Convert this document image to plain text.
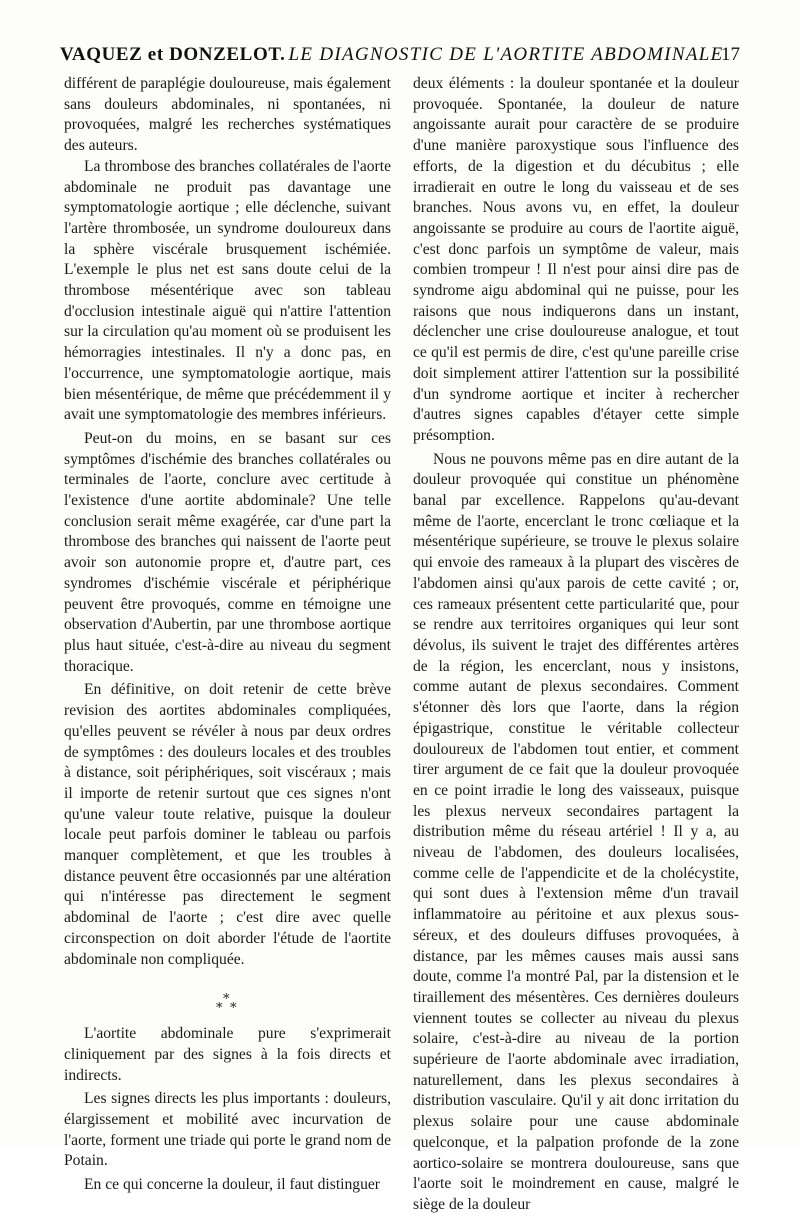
VAQUEZ et DONZELOT. LE DIAGNOSTIC DE L'AORTITE ABDOMINALE
17

différent de paraplégie douloureuse, mais également sans douleurs abdominales, ni spontanées, ni provoquées, malgré les recherches systématiques des auteurs.

La thrombose des branches collatérales de l'aorte abdominale ne produit pas davantage une symptomatologie aortique ; elle déclenche, suivant l'artère thrombosée, un syndrome douloureux dans la sphère viscérale brusquement ischémiée. L'exemple le plus net est sans doute celui de la thrombose mésentérique avec son tableau d'occlusion intestinale aiguë qui n'attire l'attention sur la circulation qu'au moment où se produisent les hémorragies intestinales. Il n'y a donc pas, en l'occurrence, une symptomatologie aortique, mais bien mésentérique, de même que précédemment il y avait une symptomatologie des membres inférieurs.

Peut-on du moins, en se basant sur ces symptômes d'ischémie des branches collatérales ou terminales de l'aorte, conclure avec certitude à l'existence d'une aortite abdominale? Une telle conclusion serait même exagérée, car d'une part la thrombose des branches qui naissent de l'aorte peut avoir son autonomie propre et, d'autre part, ces syndromes d'ischémie viscérale et périphérique peuvent être provoqués, comme en témoigne une observation d'Aubertin, par une thrombose aortique plus haut située, c'est-à-dire au niveau du segment thoracique.

En définitive, on doit retenir de cette brève revision des aortites abdominales compliquées, qu'elles peuvent se révéler à nous par deux ordres de symptômes : des douleurs locales et des troubles à distance, soit périphériques, soit viscéraux ; mais il importe de retenir surtout que ces signes n'ont qu'une valeur toute relative, puisque la douleur locale peut parfois dominer le tableau ou parfois manquer complètement, et que les troubles à distance peuvent être occasionnés par une altération qui n'intéresse pas directement le segment abdominal de l'aorte ; c'est dire avec quelle circonspection on doit aborder l'étude de l'aortite abdominale non compliquée.

*
* *

L'aortite abdominale pure s'exprimerait cliniquement par des signes à la fois directs et indirects.

Les signes directs les plus importants : douleurs, élargissement et mobilité avec incurvation de l'aorte, forment une triade qui porte le grand nom de Potain.

En ce qui concerne la douleur, il faut distinguer

deux éléments : la douleur spontanée et la douleur provoquée. Spontanée, la douleur de nature angoissante aurait pour caractère de se produire d'une manière paroxystique sous l'influence des efforts, de la digestion et du décubitus ; elle irradierait en outre le long du vaisseau et de ses branches. Nous avons vu, en effet, la douleur angoissante se produire au cours de l'aortite aiguë, c'est donc parfois un symptôme de valeur, mais combien trompeur ! Il n'est pour ainsi dire pas de syndrome aigu abdominal qui ne puisse, pour les raisons que nous indiquerons dans un instant, déclencher une crise douloureuse analogue, et tout ce qu'il est permis de dire, c'est qu'une pareille crise doit simplement attirer l'attention sur la possibilité d'un syndrome aortique et inciter à rechercher d'autres signes capables d'étayer cette simple présomption.

Nous ne pouvons même pas en dire autant de la douleur provoquée qui constitue un phénomène banal par excellence. Rappelons qu'au-devant même de l'aorte, encerclant le tronc cœliaque et la mésentérique supérieure, se trouve le plexus solaire qui envoie des rameaux à la plupart des viscères de l'abdomen ainsi qu'aux parois de cette cavité ; or, ces rameaux présentent cette particularité que, pour se rendre aux territoires organiques qui leur sont dévolus, ils suivent le trajet des différentes artères de la région, les encerclant, nous y insistons, comme autant de plexus secondaires. Comment s'étonner dès lors que l'aorte, dans la région épigastrique, constitue le véritable collecteur douloureux de l'abdomen tout entier, et comment tirer argument de ce fait que la douleur provoquée en ce point irradie le long des vaisseaux, puisque les plexus nerveux secondaires partagent la distribution même du réseau artériel ! Il y a, au niveau de l'abdomen, des douleurs localisées, comme celle de l'appendicite et de la cholécystite, qui sont dues à l'extension même d'un travail inflammatoire au péritoine et aux plexus sous-séreux, et des douleurs diffuses provoquées, à distance, par les mêmes causes mais aussi sans doute, comme l'a montré Pal, par la distension et le tiraillement des mésentères. Ces dernières douleurs viennent toutes se collecter au niveau du plexus solaire, c'est-à-dire au niveau de la portion supérieure de l'aorte abdominale avec irradiation, naturellement, dans les plexus secondaires à distribution vasculaire. Qu'il y ait donc irritation du plexus solaire pour une cause abdominale quelconque, et la palpation profonde de la zone aortico-solaire se montrera douloureuse, sans que l'aorte soit le moindrement en cause, malgré le siège de la douleur
